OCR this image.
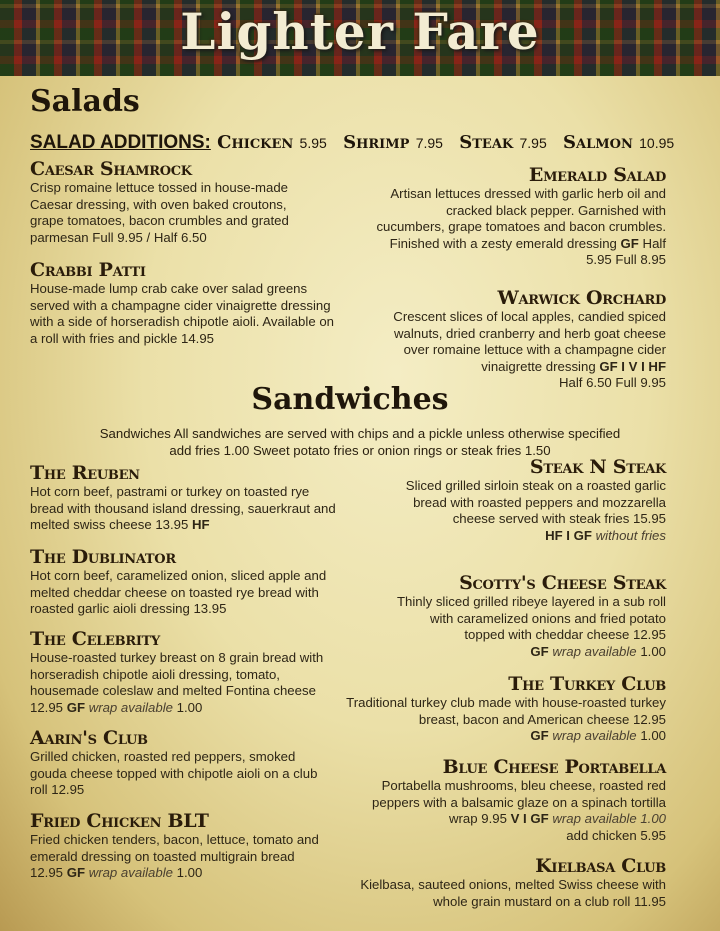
Lighter Fare
Salads
SALAD ADDITIONS: Chicken 5.95 Shrimp 7.95 Steak 7.95 Salmon 10.95
Caesar Shamrock
Crisp romaine lettuce tossed in house-made Caesar dressing, with oven baked croutons, grape tomatoes, bacon crumbles and grated parmesan Full 9.95 / Half 6.50
Crabbi Patti
House-made lump crab cake over salad greens served with a champagne cider vinaigrette dressing with a side of horseradish chipotle aioli. Available on a roll with fries and pickle 14.95
Emerald Salad
Artisan lettuces dressed with garlic herb oil and cracked black pepper. Garnished with cucumbers, grape tomatoes and bacon crumbles. Finished with a zesty emerald dressing GF Half 5.95 Full 8.95
Warwick Orchard
Crescent slices of local apples, candied spiced walnuts, dried cranberry and herb goat cheese over romaine lettuce with a champagne cider vinaigrette dressing GF I V I HF
Half 6.50 Full 9.95
Sandwiches
Sandwiches All sandwiches are served with chips and a pickle unless otherwise specified
add fries 1.00 Sweet potato fries or onion rings or steak fries 1.50
The Reuben
Hot corn beef, pastrami or turkey on toasted rye bread with thousand island dressing, sauerkraut and melted swiss cheese 13.95 HF
The Dublinator
Hot corn beef, caramelized onion, sliced apple and melted cheddar cheese on toasted rye bread with roasted garlic aioli dressing 13.95
The Celebrity
House-roasted turkey breast on 8 grain bread with horseradish chipotle aioli dressing, tomato, housemade coleslaw and melted Fontina cheese 12.95 GF wrap available 1.00
Aarin's Club
Grilled chicken, roasted red peppers, smoked gouda cheese topped with chipotle aioli on a club roll 12.95
Fried Chicken BLT
Fried chicken tenders, bacon, lettuce, tomato and emerald dressing on toasted multigrain bread 12.95 GF wrap available 1.00
Steak N Steak
Sliced grilled sirloin steak on a roasted garlic bread with roasted peppers and mozzarella cheese served with steak fries 15.95
HF I GF without fries
Scotty's Cheese Steak
Thinly sliced grilled ribeye layered in a sub roll with caramelized onions and fried potato topped with cheddar cheese 12.95
GF wrap available 1.00
The Turkey Club
Traditional turkey club made with house-roasted turkey breast, bacon and American cheese 12.95
GF wrap available 1.00
Blue Cheese Portabella
Portabella mushrooms, bleu cheese, roasted red peppers with a balsamic glaze on a spinach tortilla wrap 9.95 V I GF wrap available 1.00
add chicken 5.95
Kielbasa Club
Kielbasa, sauteed onions, melted Swiss cheese with whole grain mustard on a club roll 11.95
